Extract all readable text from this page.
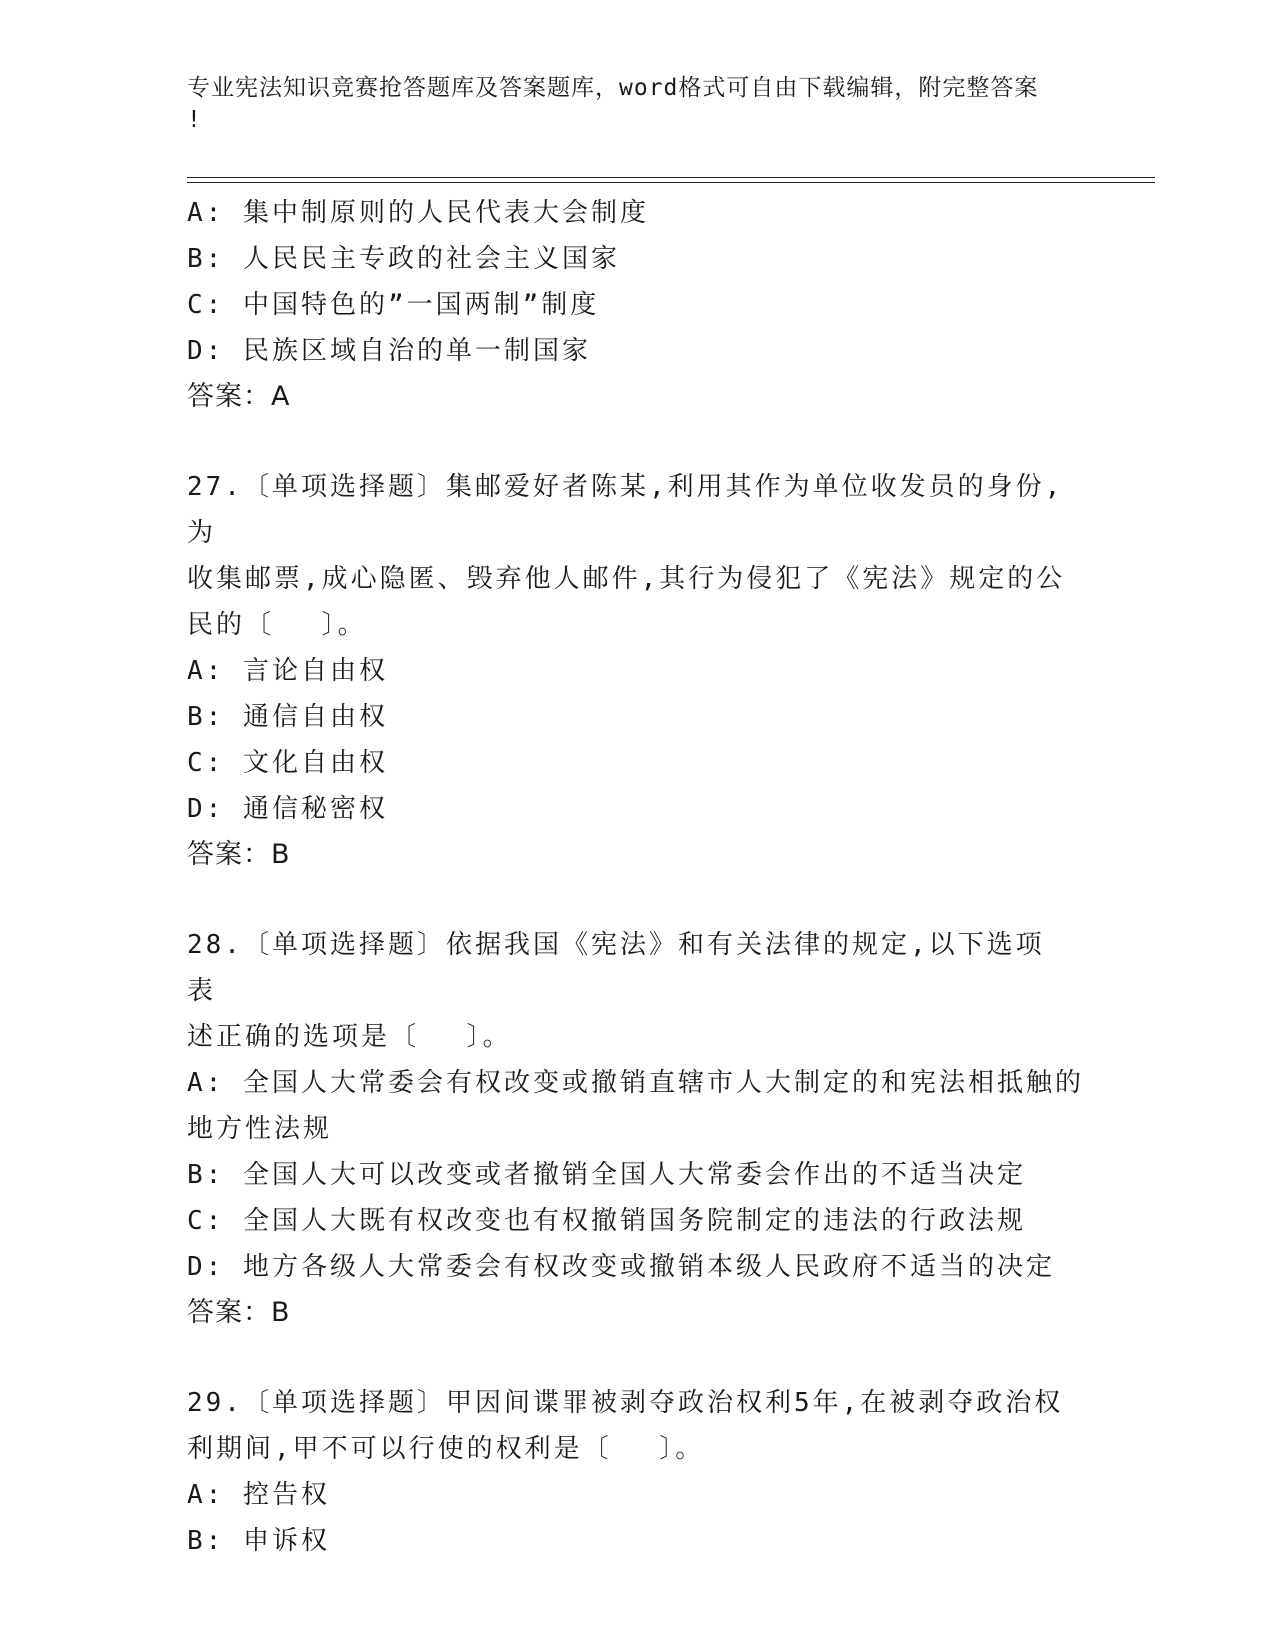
专业宪法知识竞赛抢答题库及答案题库，word格式可自由下载编辑，附完整答案
!

A: 集中制原则的人民代表大会制度

B: 人民民主专政的社会主义国家

C: 中国特色的”一国两制”制度

D: 民族区域自治的单一制国家

答案：A

27.〔单项选择题〕集邮爱好者陈某,利用其作为单位收发员的身份,为

收集邮票,成心隐匿、毁弃他人邮件,其行为侵犯了《宪法》规定的公

民的〔　 〕。

A: 言论自由权

B: 通信自由权

C: 文化自由权

D: 通信秘密权

答案：B

28.〔单项选择题〕依据我国《宪法》和有关法律的规定,以下选项表

述正确的选项是〔　 〕。

A: 全国人大常委会有权改变或撤销直辖市人大制定的和宪法相抵触的

地方性法规

B: 全国人大可以改变或者撤销全国人大常委会作出的不适当决定

C: 全国人大既有权改变也有权撤销国务院制定的违法的行政法规

D: 地方各级人大常委会有权改变或撤销本级人民政府不适当的决定

答案：B

29.〔单项选择题〕甲因间谍罪被剥夺政治权利5年,在被剥夺政治权

利期间,甲不可以行使的权利是〔　 〕。

A: 控告权

B: 申诉权
